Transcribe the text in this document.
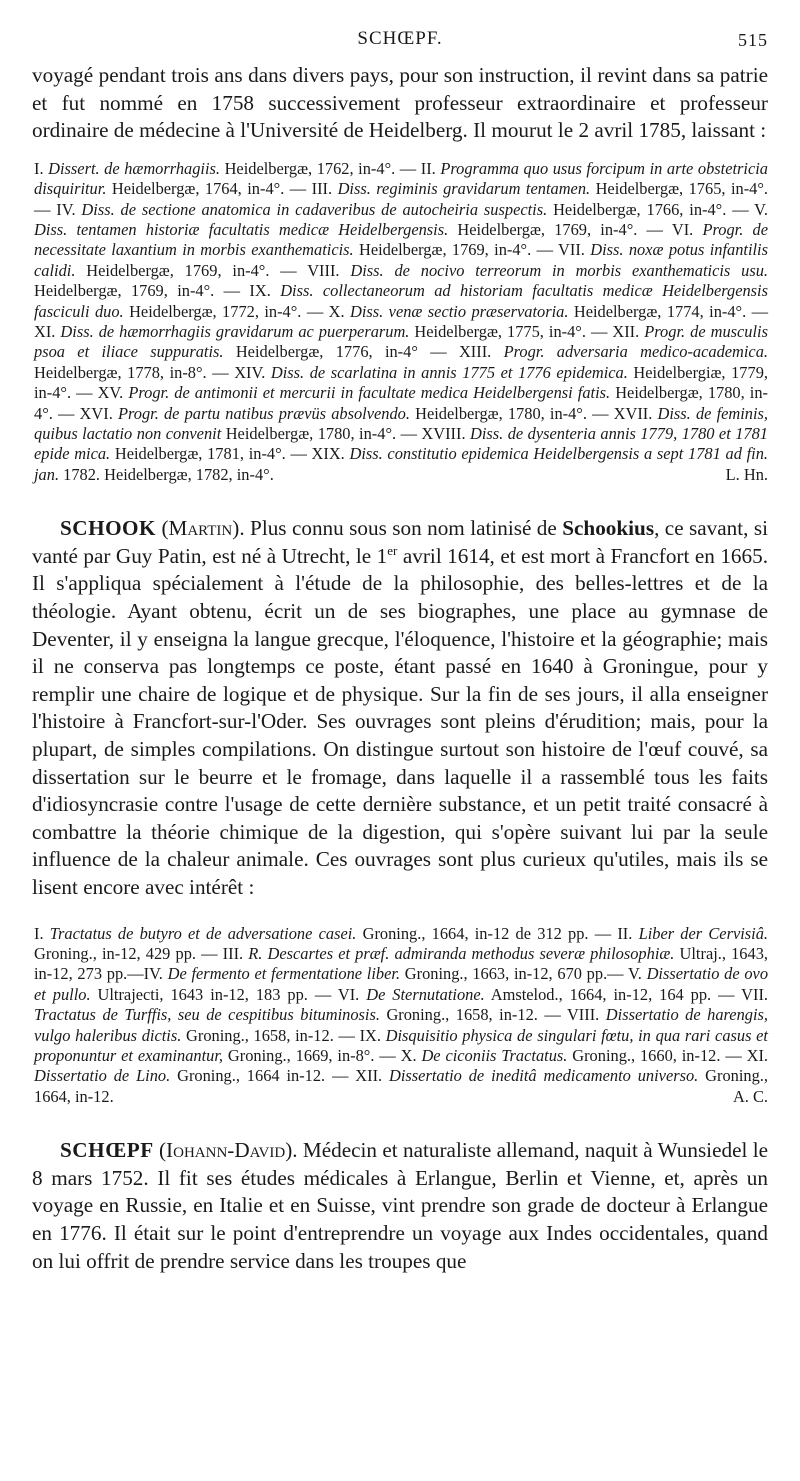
SCHŒPF.	515

voyagé pendant trois ans dans divers pays, pour son instruction, il revint dans sa patrie et fut nommé en 1758 successivement professeur extraordinaire et professeur ordinaire de médecine à l'Université de Heidelberg. Il mourut le 2 avril 1785, laissant :

I. Dissert. de hæmorrhagiis. Heidelbergæ, 1762, in-4°. — II. Programma quo usus forcipum in arte obstetricia disquiritur. Heidelbergæ, 1764, in-4°. — III. Diss. regiminis gravidarum tentamen. Heidelbergæ, 1765, in-4°. — IV. Diss. de sectione anatomica in cadaveribus de autocheiria suspectis. Heidelbergæ, 1766, in-4°. — V. Diss. tentamen historiæ facultatis medicæ Heidelbergensis. Heidelbergæ, 1769, in-4°. — VI. Progr. de necessitate laxantium in morbis exanthematicis. Heidelbergæ, 1769, in-4°. — VII. Diss. noxæ potus infantilis calidi. Heidelbergæ, 1769, in-4°. — VIII. Diss. de nocivo terreorum in morbis exanthematicis usu. Heidelbergæ, 1769, in-4°. — IX. Diss. collectaneorum ad historiam facultatis medicæ Heidelbergensis fasciculi duo. Heidelbergæ, 1772, in-4°. — X. Diss. venæ sectio præservatoria. Heidelbergæ, 1774, in-4°. — XI. Diss. de hæmorrhagiis gravidarum ac puerperarum. Heidelbergæ, 1775, in-4°. — XII. Progr. de musculis psoa et iliace suppuratis. Heidelbergæ, 1776, in-4° — XIII. Progr. adversaria medico-academica. Heidelbergæ, 1778, in-8°. — XIV. Diss. de scarlatina in annis 1775 et 1776 epidemica. Heidelbergiæ, 1779, in-4°. — XV. Progr. de antimonii et mercurii in facultate medica Heidelbergensi fatis. Heidelbergæ, 1780, in-4°. — XVI. Progr. de partu natibus prævüs absolvendo. Heidelbergæ, 1780, in-4°. — XVII. Diss. de feminis, quibus lactatio non convenit Heidelbergæ, 1780, in-4°. — XVIII. Diss. de dysenteria annis 1779, 1780 et 1781 epide mica. Heidelbergæ, 1781, in-4°. — XIX. Diss. constitutio epidemica Heidelbergensis a sept 1781 ad fin. jan. 1782. Heidelbergæ, 1782, in-4°.	L. Hn.

SCHOOK (Martin). Plus connu sous son nom latinisé de Schookius, ce savant, si vanté par Guy Patin, est né à Utrecht, le 1er avril 1614, et est mort à Francfort en 1665. Il s'appliqua spécialement à l'étude de la philosophie, des belles-lettres et de la théologie. Ayant obtenu, écrit un de ses biographes, une place au gymnase de Deventer, il y enseigna la langue grecque, l'éloquence, l'histoire et la géographie; mais il ne conserva pas longtemps ce poste, étant passé en 1640 à Groningue, pour y remplir une chaire de logique et de physique. Sur la fin de ses jours, il alla enseigner l'histoire à Francfort-sur-l'Oder. Ses ouvrages sont pleins d'érudition; mais, pour la plupart, de simples compilations. On distingue surtout son histoire de l'œuf couvé, sa dissertation sur le beurre et le fromage, dans laquelle il a rassemblé tous les faits d'idiosyncrasie contre l'usage de cette dernière substance, et un petit traité consacré à combattre la théorie chimique de la digestion, qui s'opère suivant lui par la seule influence de la chaleur animale. Ces ouvrages sont plus curieux qu'utiles, mais ils se lisent encore avec intérêt :

I. Tractatus de butyro et de adversatione casei. Groning., 1664, in-12 de 312 pp. — II. Liber der Cervisiâ. Groning., in-12, 429 pp. — III. R. Descartes et præf. admiranda methodus severæ philosophiæ. Ultraj., 1643, in-12, 273 pp.—IV. De fermento et fermentatione liber. Groning., 1663, in-12, 670 pp.— V. Dissertatio de ovo et pullo. Ultrajecti, 1643 in-12, 183 pp. — VI. De Sternutatione. Amstelod., 1664, in-12, 164 pp. — VII. Tractatus de Turffis, seu de cespitibus bituminosis. Groning., 1658, in-12. — VIII. Dissertatio de harengis, vulgo haleribus dictis. Groning., 1658, in-12. — IX. Disquisitio physica de singulari fœtu, in qua rari casus et proponuntur et examinantur, Groning., 1669, in-8°. — X. De ciconiis Tractatus. Groning., 1660, in-12. — XI. Dissertatio de Lino. Groning., 1664 in-12. — XII. Dissertatio de ineditâ medicamento universo. Groning., 1664, in-12.	A. C.

SCHŒPF (Iohann-David). Médecin et naturaliste allemand, naquit à Wunsiedel le 8 mars 1752. Il fit ses études médicales à Erlangue, Berlin et Vienne, et, après un voyage en Russie, en Italie et en Suisse, vint prendre son grade de docteur à Erlangue en 1776. Il était sur le point d'entreprendre un voyage aux Indes occidentales, quand on lui offrit de prendre service dans les troupes que
